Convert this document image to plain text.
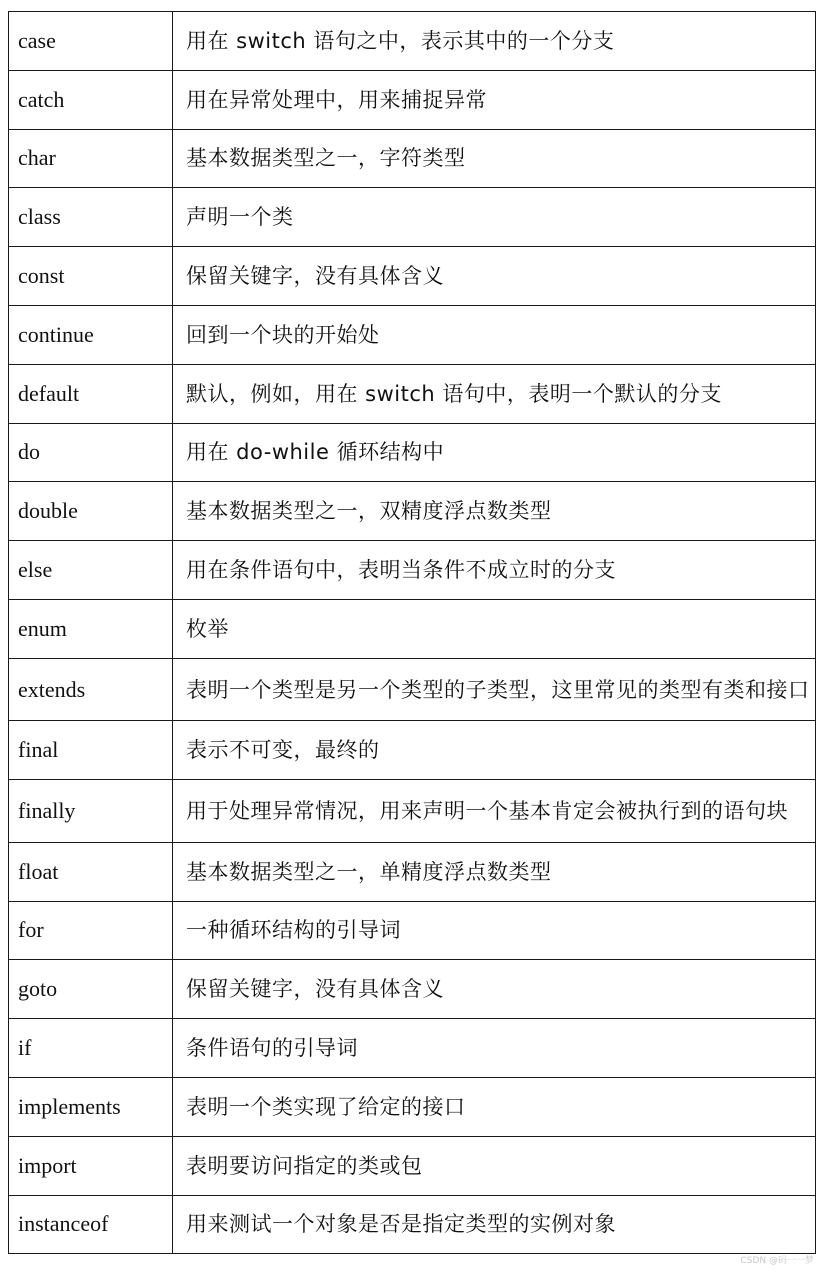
case	用在 switch 语句之中，表示其中的一个分支
catch	用在异常处理中，用来捕捉异常
char	基本数据类型之一，字符类型
class	声明一个类
const	保留关键字，没有具体含义
continue	回到一个块的开始处
default	默认，例如，用在 switch 语句中，表明一个默认的分支
do	用在 do-while 循环结构中
double	基本数据类型之一，双精度浮点数类型
else	用在条件语句中，表明当条件不成立时的分支
enum	枚举
extends	表明一个类型是另一个类型的子类型，这里常见的类型有类和接口
final	表示不可变，最终的
finally	用于处理异常情况，用来声明一个基本肯定会被执行到的语句块
float	基本数据类型之一，单精度浮点数类型
for	一种循环结构的引导词
goto	保留关键字，没有具体含义
if	条件语句的引导词
implements	表明一个类实现了给定的接口
import	表明要访问指定的类或包
instanceof	用来测试一个对象是否是指定类型的实例对象
CSDN @码一一梦
